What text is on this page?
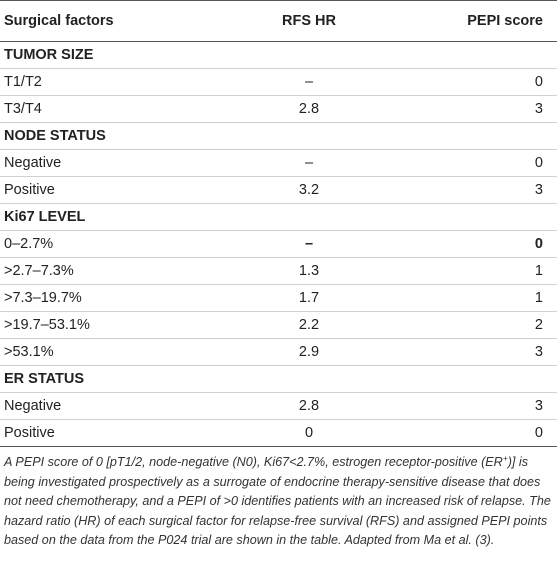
Surgical factors	RFS HR	PEPI score
TUMOR SIZE		
T1/T2	–	0
T3/T4	2.8	3
NODE STATUS		
Negative	–	0
Positive	3.2	3
Ki67 LEVEL		
0–2.7%	–	0
>2.7–7.3%	1.3	1
>7.3–19.7%	1.7	1
>19.7–53.1%	2.2	2
>53.1%	2.9	3
ER STATUS		
Negative	2.8	3
Positive	0	0

A PEPI score of 0 [pT1/2, node-negative (N0), Ki67<2.7%, estrogen receptor-positive (ER+)] is being investigated prospectively as a surrogate of endocrine therapy-sensitive disease that does not need chemotherapy, and a PEPI of >0 identifies patients with an increased risk of relapse. The hazard ratio (HR) of each surgical factor for relapse-free survival (RFS) and assigned PEPI points based on the data from the P024 trial are shown in the table. Adapted from Ma et al. (3).
